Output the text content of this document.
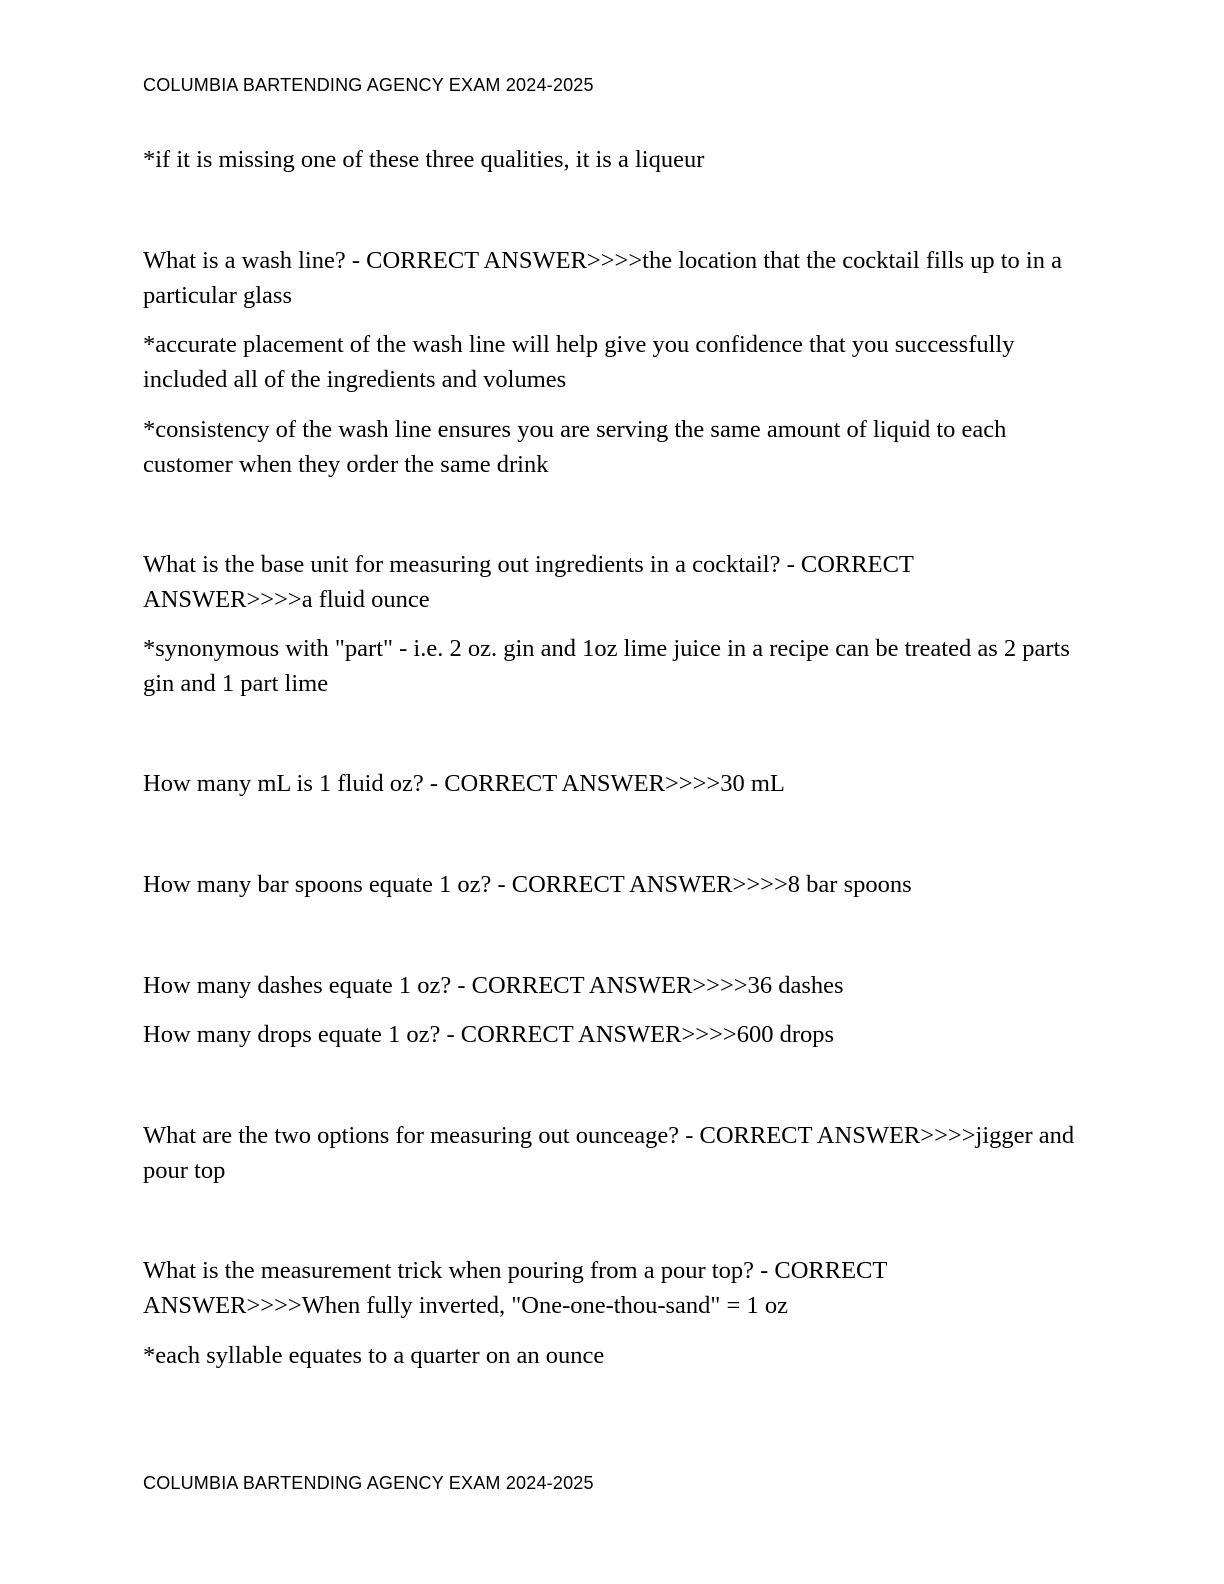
COLUMBIA BARTENDING AGENCY EXAM 2024-2025

*if it is missing one of these three qualities, it is a liqueur

What is a wash line? - CORRECT ANSWER>>>>the location that the cocktail fills up to in a particular glass

*accurate placement of the wash line will help give you confidence that you successfully included all of the ingredients and volumes

*consistency of the wash line ensures you are serving the same amount of liquid to each customer when they order the same drink

What is the base unit for measuring out ingredients in a cocktail? - CORRECT ANSWER>>>>a fluid ounce

*synonymous with "part" - i.e. 2 oz. gin and 1oz lime juice in a recipe can be treated as 2 parts gin and 1 part lime

How many mL is 1 fluid oz? - CORRECT ANSWER>>>>30 mL

How many bar spoons equate 1 oz? - CORRECT ANSWER>>>>8 bar spoons

How many dashes equate 1 oz? - CORRECT ANSWER>>>>36 dashes

How many drops equate 1 oz? - CORRECT ANSWER>>>>600 drops

What are the two options for measuring out ounceage? - CORRECT ANSWER>>>>jigger and pour top

What is the measurement trick when pouring from a pour top? - CORRECT ANSWER>>>>When fully inverted, "One-one-thou-sand" = 1 oz

*each syllable equates to a quarter on an ounce

COLUMBIA BARTENDING AGENCY EXAM 2024-2025
